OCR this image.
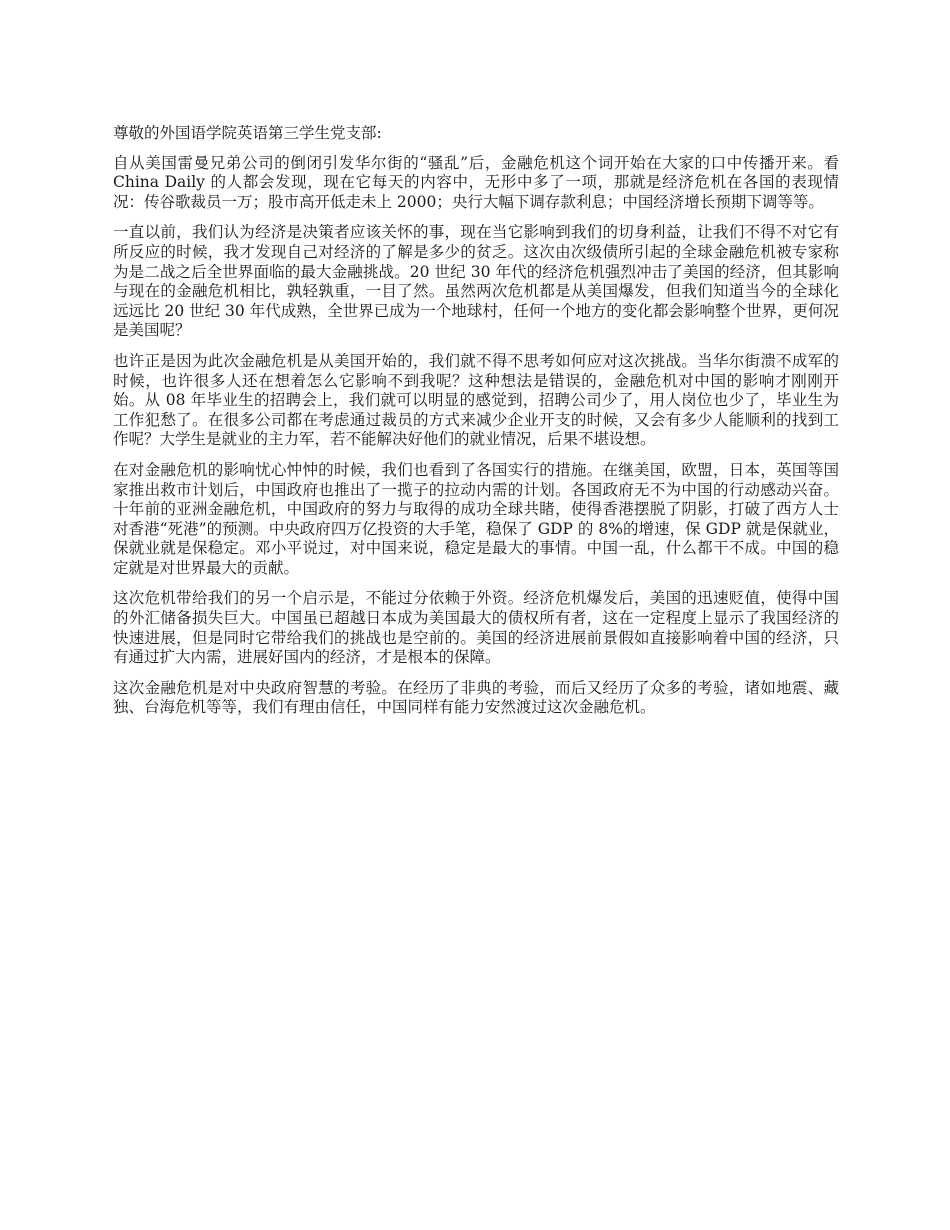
尊敬的外国语学院英语第三学生党支部:

自从美国雷曼兄弟公司的倒闭引发华尔街的“骚乱”后，金融危机这个词开始在大家的口中传播开来。看 China Daily 的人都会发现，现在它每天的内容中，无形中多了一项，那就是经济危机在各国的表现情况：传谷歌裁员一万；股市高开低走未上 2000；央行大幅下调存款利息；中国经济增长预期下调等等。

一直以前，我们认为经济是决策者应该关怀的事，现在当它影响到我们的切身利益，让我们不得不对它有所反应的时候，我才发现自己对经济的了解是多少的贫乏。这次由次级债所引起的全球金融危机被专家称为是二战之后全世界面临的最大金融挑战。20 世纪 30 年代的经济危机强烈冲击了美国的经济，但其影响与现在的金融危机相比，孰轻孰重，一目了然。虽然两次危机都是从美国爆发，但我们知道当今的全球化远远比 20 世纪 30 年代成熟，全世界已成为一个地球村，任何一个地方的变化都会影响整个世界，更何况是美国呢？

也许正是因为此次金融危机是从美国开始的，我们就不得不思考如何应对这次挑战。当华尔街溃不成军的时候，也许很多人还在想着怎么它影响不到我呢？这种想法是错误的，金融危机对中国的影响才刚刚开始。从 08 年毕业生的招聘会上，我们就可以明显的感觉到，招聘公司少了，用人岗位也少了，毕业生为工作犯愁了。在很多公司都在考虑通过裁员的方式来减少企业开支的时候，又会有多少人能顺利的找到工作呢？大学生是就业的主力军，若不能解决好他们的就业情况，后果不堪设想。

在对金融危机的影响忧心忡忡的时候，我们也看到了各国实行的措施。在继美国，欧盟，日本，英国等国家推出救市计划后，中国政府也推出了一揽子的拉动内需的计划。各国政府无不为中国的行动感动兴奋。十年前的亚洲金融危机，中国政府的努力与取得的成功全球共睹，使得香港摆脱了阴影，打破了西方人士对香港“死港”的预测。中央政府四万亿投资的大手笔，稳保了 GDP 的 8%的增速，保 GDP 就是保就业，保就业就是保稳定。邓小平说过，对中国来说，稳定是最大的事情。中国一乱，什么都干不成。中国的稳定就是对世界最大的贡献。

这次危机带给我们的另一个启示是，不能过分依赖于外资。经济危机爆发后，美国的迅速贬值，使得中国的外汇储备损失巨大。中国虽已超越日本成为美国最大的债权所有者，这在一定程度上显示了我国经济的快速进展，但是同时它带给我们的挑战也是空前的。美国的经济进展前景假如直接影响着中国的经济，只有通过扩大内需，进展好国内的经济，才是根本的保障。

这次金融危机是对中央政府智慧的考验。在经历了非典的考验，而后又经历了众多的考验，诸如地震、藏独、台海危机等等，我们有理由信任，中国同样有能力安然渡过这次金融危机。
